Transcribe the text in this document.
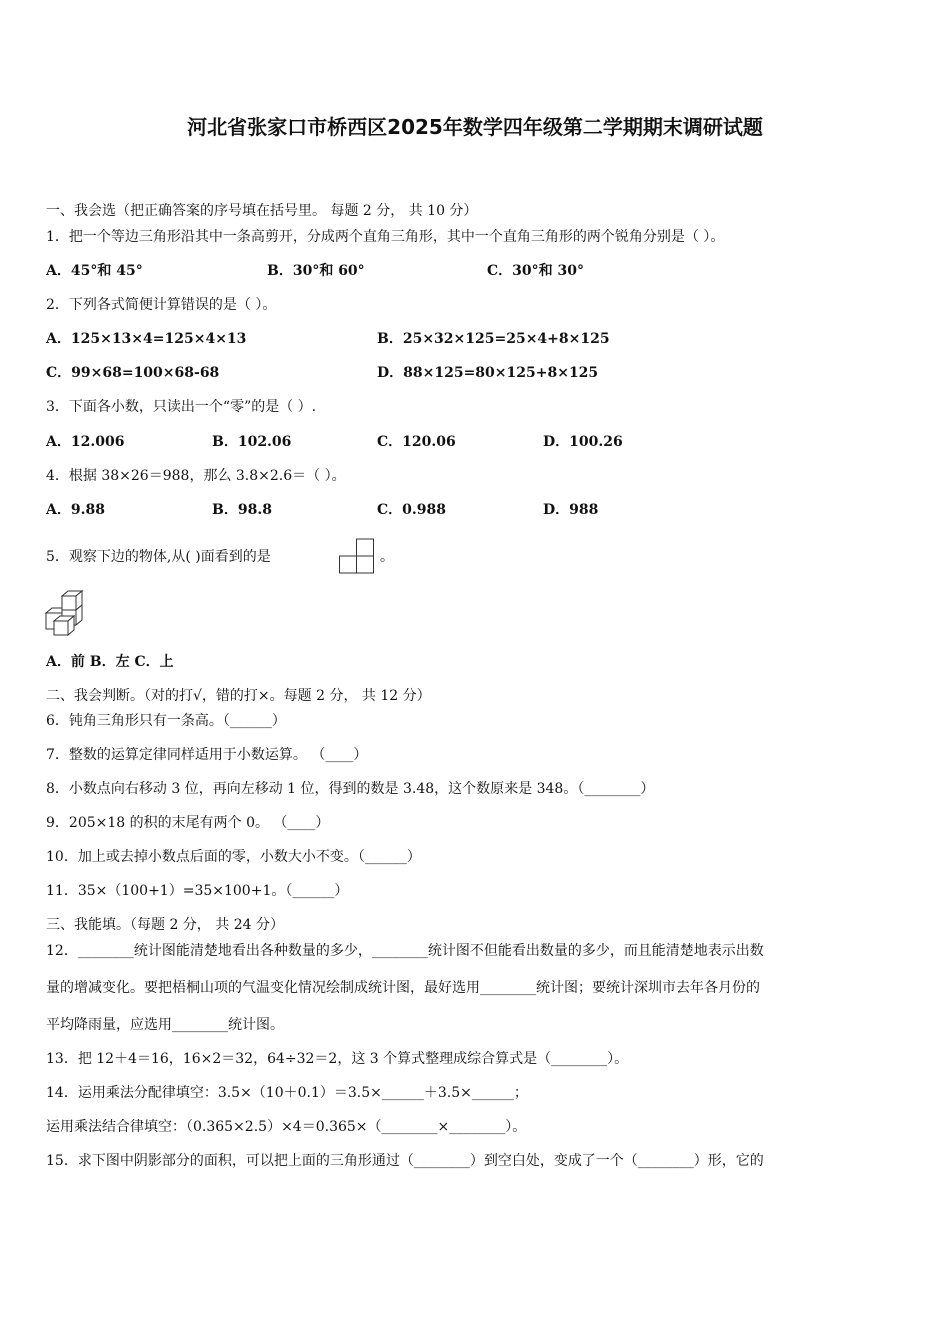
河北省张家口市桥西区2025年数学四年级第二学期期末调研试题
一、我会选（把正确答案的序号填在括号里。 每题 2 分， 共 10 分）
1．把一个等边三角形沿其中一条高剪开，分成两个直角三角形，其中一个直角三角形的两个锐角分别是（ ）。
A．45°和 45°	B．30°和 60°	C．30°和 30°
2．下列各式简便计算错误的是（ ）。
A．125×13×4=125×4×13	B．25×32×125=25×4+8×125
C．99×68=100×68-68	D．88×125=80×125+8×125
3．下面各小数，只读出一个“零”的是（ ）.
A．12.006	B．102.06	C．120.06	D．100.26
4．根据 38×26＝988，那么 3.8×2.6＝（ ）。
A．9.88	B．98.8	C．0.988	D．988
5．观察下边的物体,从( )面看到的是	。
A．前 B．左 C．上
二、我会判断。（对的打√，错的打×。每题 2 分， 共 12 分）
6．钝角三角形只有一条高。（______）
7．整数的运算定律同样适用于小数运算。 （____）
8．小数点向右移动 3 位，再向左移动 1 位，得到的数是 3.48，这个数原来是 348。（________）
9．205×18 的积的末尾有两个 0。 （____）
10．加上或去掉小数点后面的零，小数大小不变。（______）
11．35×（100+1）=35×100+1。（______）
三、我能填。（每题 2 分， 共 24 分）
12．________统计图能清楚地看出各种数量的多少，________统计图不但能看出数量的多少，而且能清楚地表示出数
量的增减变化。要把梧桐山项的气温变化情况绘制成统计图，最好选用________统计图；要统计深圳市去年各月份的
平均降雨量，应选用________统计图。
13．把 12＋4＝16，16×2＝32，64÷32＝2，这 3 个算式整理成综合算式是（________）。
14．运用乘法分配律填空：3.5×（10＋0.1）＝3.5×______＋3.5×______；
运用乘法结合律填空：（0.365×2.5）×4＝0.365×（________×________）。
15．求下图中阴影部分的面积，可以把上面的三角形通过（________）到空白处，变成了一个（________）形，它的
